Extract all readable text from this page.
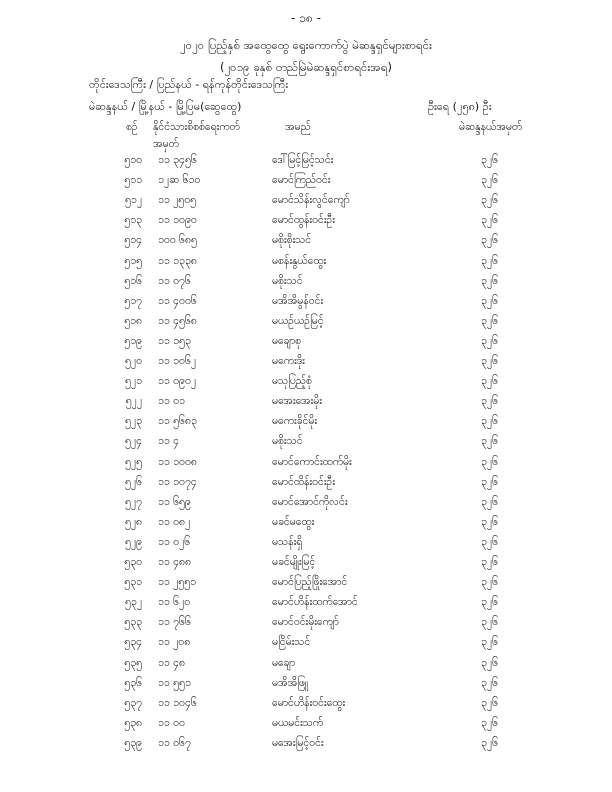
- ၁၈ -
၂၀၂၀ ပြည့်နှစ် အထွေထွေ ရွေးကောက်ပွဲ မဲဆန္ဒရှင်များစာရင်း
(၂၀၁၉ ခုနှစ် တည်မြဲမဲဆန္ဒရှင်စာရင်းအရ)
တိုင်းဒေသကြီး / ပြည်နယ် - ရန်ကုန်တိုင်းဒေသကြီး
မဲဆန္ဒနယ် / မြို့နယ် - မြို့ပြမ(ဆွေထွေ)	ဦးရေ (၂၅၈) ဦး
စဉ် နိုင်ငံသားစိစစ်ရေးကတ်
အမှတ်
အမည်	မဲဆန္ဒနယ်အမှတ်
၅၁၀ ၁၁ ၃၄၅၆	ဒေါ်မြင့်မြင့်သင်း	၃၂၆
၅၁၁ ၁၂ဆ ၆၁၀	မောင်ကြည်ဝင်း	၃၂၆
၅၁၂ ၁၁ ၂၅၀၅	မောင်သိန်းလွင်ကျော်	၃၂၆
၅၁၃ ၁၁ ၁၀၉၀	မောင်ထွန်းဝင်းဦး	၃၂၆
၅၁၄ ၁၀၀ ၆၈၅	မစိုးစိုးသင်	၃၂၆
၅၁၅ ၁၁ ၁၃၃၈	မစန်းနွယ်ထွေး	၃၂၆
၅၁၆ ၁၁ ၀၇၆	မစိုးသင်	၃၂၆
၅၁၇ ၁၁ ၄၀၀၆	မအိအိမွန်ဝင်း	၃၂၆
၅၁၈ ၁၁ ၄၅၆၈	မယဉ်ယဉ်မြင့်	၃၂၆
၅၁၉ ၁၁ ၁၅၃	မချောစု	၃၂၆
၅၂၀ ၁၁ ၁၀၆၂	မကေးဒိုး	၃၂၆
၅၂၁ ၁၁ ၀၉၀၂	မသုပြည့်စုံ	၃၂၆
၅၂၂ ၁၁ ၀၁	မအေးအေးမိုး	၃၂၆
၅၂၃ ၁၁ ၅၆၈၃	မကေးခိုင်မိုး	၃၂၆
၅၂၄ ၁၁ ၄	မစိုးသင်	၃၂၆
၅၂၅ ၁၁ ၁၀၀၈	မောင်ကောင်းထက်မိုး	၃၂၆
၅၂၆ ၁၁ ၁၀၇၄	မောင်ထိန်းဝင်းဦး	၃၂၆
၅၂၇ ၁၁ ၆၅၉	မောင်အောင်ကိုလင်း	၃၂၆
၅၂၈ ၁၁ ၀၈၂	မခင်မထွေး	၃၂၆
၅၂၉ ၁၁ ၀၂၆	မသန်းရှိ	၃၂၆
၅၃၀ ၁၁ ၄၈၈	မခင်မျိုးမြင့်	၃၂၆
၅၃၁ ၁၁ ၂၅၅၁	မောင်ပြည့်ဖြိုးအောင်	၃၂၆
၅၃၂ ၁၁ ၆၂၀	မောင်ဟိန်းထက်အောင်	၃၂၆
၅၃၃ ၁၁ ၇၆၆	မောင်ဝင်းမိုးကျော်	၃၂၆
၅၃၄ ၁၁ ၂၀၈	မငြိမ်းသင်	၃၂၆
၅၃၅ ၁၁ ၄၈	မချော	၃၂၆
၅၃၆ ၁၁ ၅၅၁	မအိအိဖြူ	၃၂၆
၅၃၇ ၁၁ ၁၀၄၆	မောင်ဟိန်းဝင်းထွေး	၃၂၆
၅၃၈ ၁၁ ၀၀	မယမင်းသက်	၃၂၆
၅၃၉ ၁၁ ၀၆၇	မအေးမြင့်ဝင်း	၃၂၆
